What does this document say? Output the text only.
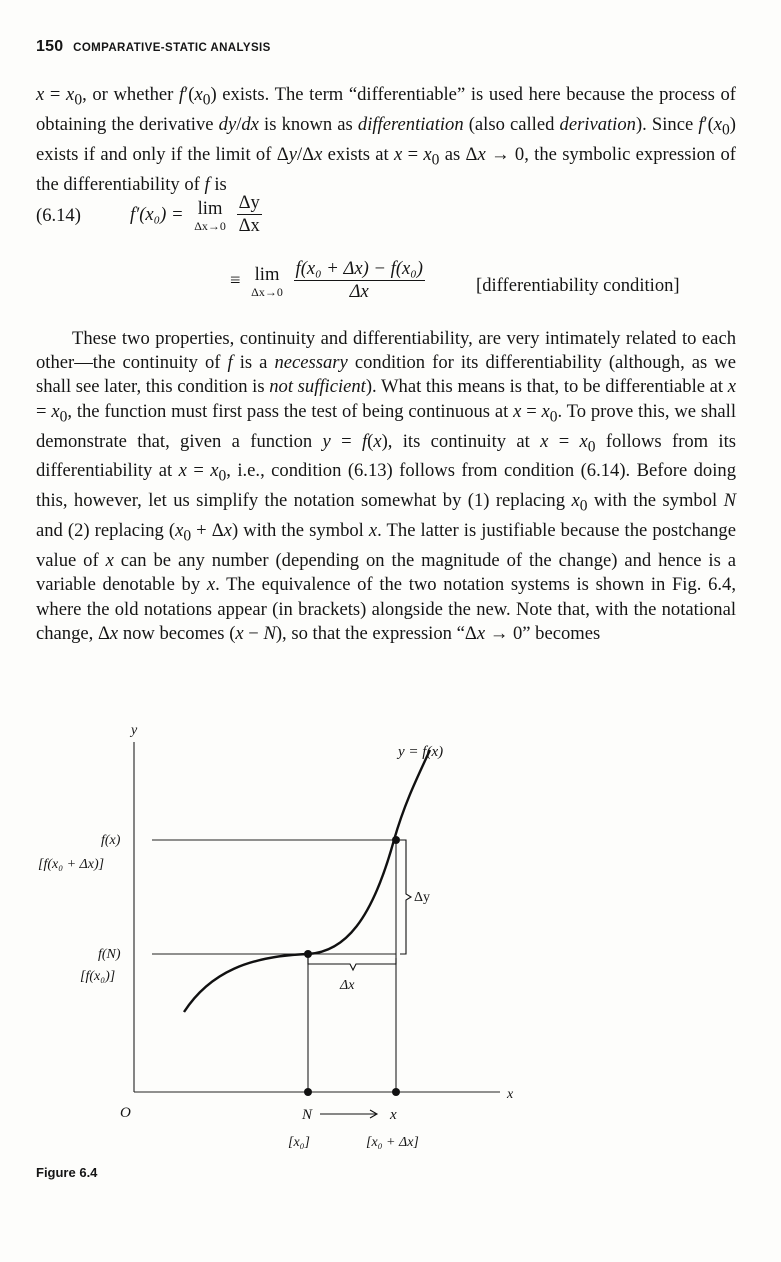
150 COMPARATIVE-STATIC ANALYSIS

$x = x_0$, or whether $f'(x_0)$ exists. The term “differentiable” is used here because the process of obtaining the derivative dy/dx is known as differentiation (also called derivation). Since $f'(x_0)$ exists if and only if the limit of Δy/Δx exists at $x = x_0$ as Δx → 0, the symbolic expression of the differentiability of f is

(6.14)	f′(x₀) = lim
Δx→0
$\frac{\Delta y}{\Delta x}$
≡ lim
Δx→0
$\frac{\text{f(x₀ + Δx) − f(x₀)}}{\Delta x}$	[differentiability condition]

These two properties, continuity and differentiability, are very intimately related to each other—the continuity of f is a necessary condition for its differentiability (although, as we shall see later, this condition is not sufficient). What this means is that, to be differentiable at $x = x_0$, the function must first pass the test of being continuous at $x = x_0$. To prove this, we shall demonstrate that, given a function y = f(x), its continuity at $x = x_0$ follows from its differentiability at $x = x_0$, i.e., condition (6.13) follows from condition (6.14). Before doing this, however, let us simplify the notation somewhat by (1) replacing $x_0$ with the symbol N and (2) replacing $(x_0 + \Delta x)$ with the symbol x. The latter is justifiable because the postchange value of x can be any number (depending on the magnitude of the change) and hence is a variable denotable by x. The equivalence of the two notation systems is shown in Fig. 6.4, where the old notations appear (in brackets) alongside the new. Note that, with the notational change, Δx now becomes (x − N), so that the expression “Δx → 0” becomes

y
x
O
Δy
Δx
y = f(x)
f(x)
[f(x₀ + Δx)]
f(N)
[f(x₀)]
N	x
[x₀]	[x₀ + Δx]
Figure 6.4
